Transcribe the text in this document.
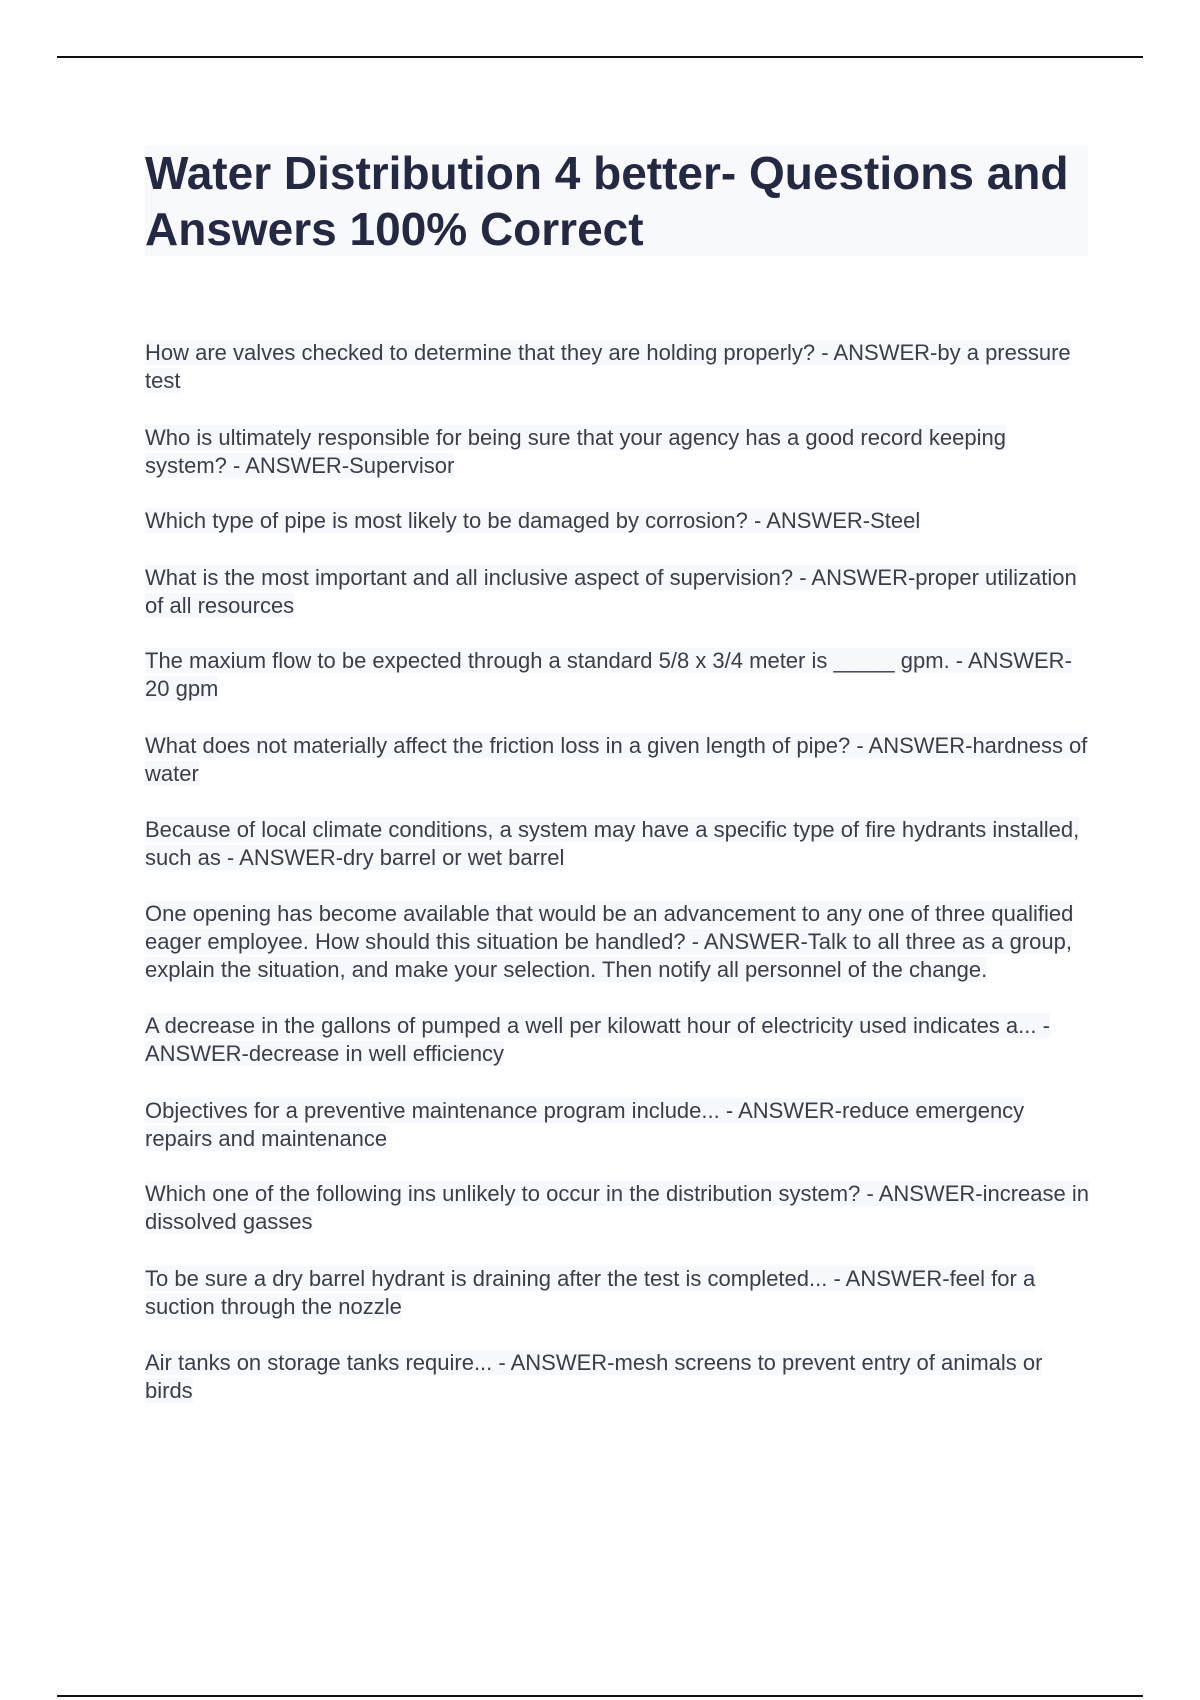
Water Distribution 4 better- Questions and Answers 100% Correct
How are valves checked to determine that they are holding properly? - ANSWER-by a pressure test
Who is ultimately responsible for being sure that your agency has a good record keeping system? - ANSWER-Supervisor
Which type of pipe is most likely to be damaged by corrosion? - ANSWER-Steel
What is the most important and all inclusive aspect of supervision? - ANSWER-proper utilization of all resources
The maxium flow to be expected through a standard 5/8 x 3/4 meter is _____ gpm. - ANSWER-20 gpm
What does not materially affect the friction loss in a given length of pipe? - ANSWER-hardness of water
Because of local climate conditions, a system may have a specific type of fire hydrants installed, such as - ANSWER-dry barrel or wet barrel
One opening has become available that would be an advancement to any one of three qualified eager employee. How should this situation be handled? - ANSWER-Talk to all three as a group, explain the situation, and make your selection. Then notify all personnel of the change.
A decrease in the gallons of pumped a well per kilowatt hour of electricity used indicates a... - ANSWER-decrease in well efficiency
Objectives for a preventive maintenance program include... - ANSWER-reduce emergency repairs and maintenance
Which one of the following ins unlikely to occur in the distribution system? - ANSWER-increase in dissolved gasses
To be sure a dry barrel hydrant is draining after the test is completed... - ANSWER-feel for a suction through the nozzle
Air tanks on storage tanks require... - ANSWER-mesh screens to prevent entry of animals or birds
